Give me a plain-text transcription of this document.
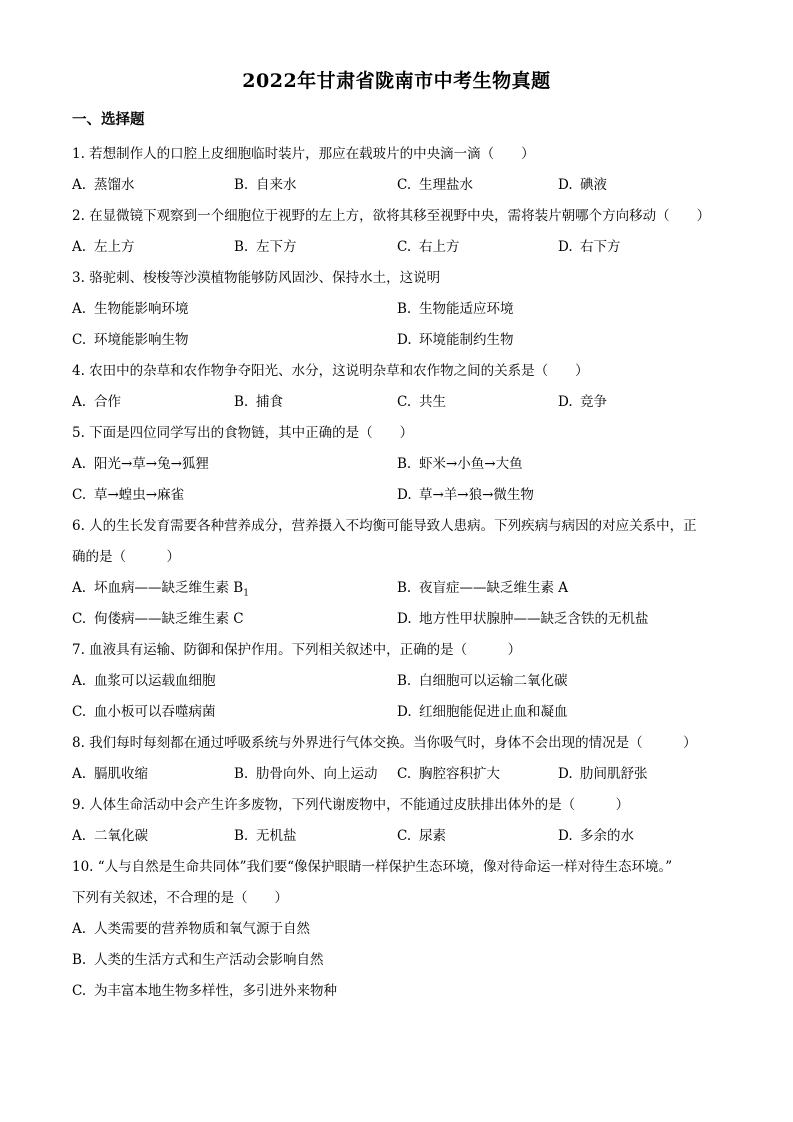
2022年甘肃省陇南市中考生物真题
一、选择题
1. 若想制作人的口腔上皮细胞临时装片，那应在载玻片的中央滴一滴（　　）
A. 蒸馏水	B. 自来水	C. 生理盐水	D. 碘液
2. 在显微镜下观察到一个细胞位于视野的左上方，欲将其移至视野中央，需将装片朝哪个方向移动（　　）
A. 左上方	B. 左下方	C. 右上方	D. 右下方
3. 骆驼刺、梭梭等沙漠植物能够防风固沙、保持水土，这说明
A. 生物能影响环境	B. 生物能适应环境
C. 环境能影响生物	D. 环境能制约生物
4. 农田中的杂草和农作物争夺阳光、水分，这说明杂草和农作物之间的关系是（　　）
A. 合作	B. 捕食	C. 共生	D. 竞争
5. 下面是四位同学写出的食物链，其中正确的是（　　）
A. 阳光→草→兔→狐狸	B. 虾米→小鱼→大鱼
C. 草→蝗虫→麻雀	D. 草→羊→狼→微生物
6. 人的生长发育需要各种营养成分，营养摄入不均衡可能导致人患病。下列疾病与病因的对应关系中，正
确的是（　　　）
A. 坏血病——缺乏维生素 $B_1$	B. 夜盲症——缺乏维生素 A
C. 佝偻病——缺乏维生素 C	D. 地方性甲状腺肿——缺乏含铁的无机盐
7. 血液具有运输、防御和保护作用。下列相关叙述中，正确的是（　　　）
A. 血浆可以运载血细胞	B. 白细胞可以运输二氧化碳
C. 血小板可以吞噬病菌	D. 红细胞能促进止血和凝血
8. 我们每时每刻都在通过呼吸系统与外界进行气体交换。当你吸气时，身体不会出现的情况是（　　　）
A. 膈肌收缩	B. 肋骨向外、向上运动 C. 胸腔容积扩大	D. 肋间肌舒张
9. 人体生命活动中会产生许多废物，下列代谢废物中，不能通过皮肤排出体外的是（　　　）
A. 二氧化碳	B. 无机盐	C. 尿素	D. 多余的水
10. “人与自然是生命共同体”我们要“像保护眼睛一样保护生态环境，像对待命运一样对待生态环境。”
下列有关叙述，不合理的是（　　）
A. 人类需要的营养物质和氧气源于自然
B. 人类的生活方式和生产活动会影响自然
C. 为丰富本地生物多样性，多引进外来物种
